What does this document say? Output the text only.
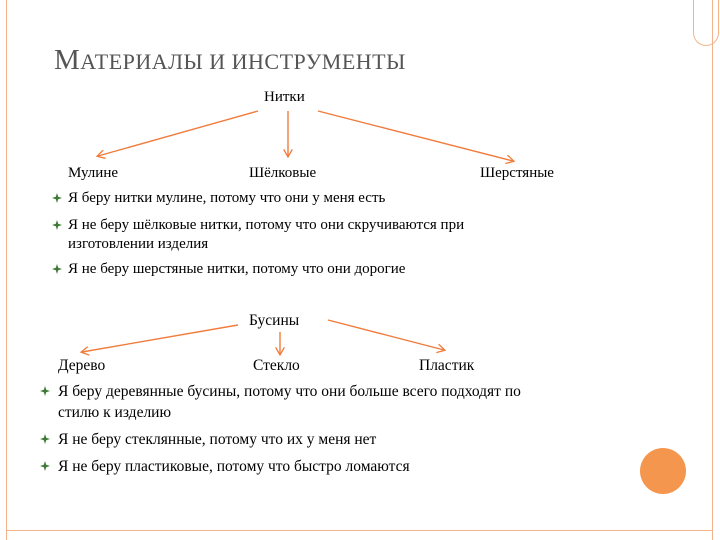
МАТЕРИАЛЫ И ИНСТРУМЕНТЫ
Нитки
Мулине	Шёлковые	Шерстяные
Я беру нитки мулине, потому что они у меня есть
Я не беру шёлковые нитки, потому что они скручиваются при
изготовлении изделия
Я не беру шерстяные нитки, потому что они дорогие
Бусины
Дерево	Стекло	Пластик
Я беру деревянные бусины, потому что они больше всего подходят по
стилю к изделию
Я не беру стеклянные, потому что их у меня нет
Я не беру пластиковые, потому что быстро ломаются
